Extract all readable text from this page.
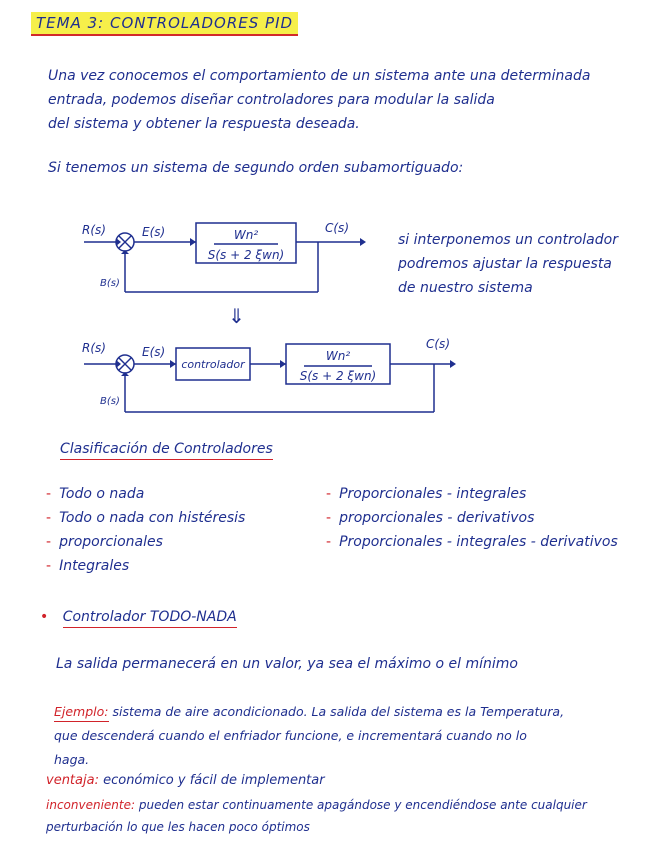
TEMA 3: CONTROLADORES PID
Una vez conocemos el comportamiento de un sistema ante una determinada
entrada, podemos diseñar controladores para modular la salida
del sistema y obtener la respuesta deseada.
Si tenemos un sistema de segundo orden subamortiguado:
R(s)	E(s)	C(s)
B(s)
Wn²
S(s + 2 ξwn)
si interponemos un controlador
podremos ajustar la respuesta
de nuestro sistema
⇓
R(s)	E(s)
C(s)
B(s)
controlador
Wn²
S(s + 2 ξwn)
Clasificación de Controladores
- Todo o nada
- Todo o nada con histéresis
- proporcionales
- Integrales
- Proporcionales - integrales
- proporcionales - derivativos
- Proporcionales - integrales - derivativos
• Controlador TODO-NADA
La salida permanecerá en un valor, ya sea el máximo o el mínimo
Ejemplo: sistema de aire acondicionado. La salida del sistema es la Temperatura,
que descenderá cuando el enfriador funcione, e incrementará cuando no lo
haga.
ventaja: económico y fácil de implementar
inconveniente: pueden estar continuamente apagándose y encendiéndose ante cualquier
perturbación lo que les hacen poco óptimos
